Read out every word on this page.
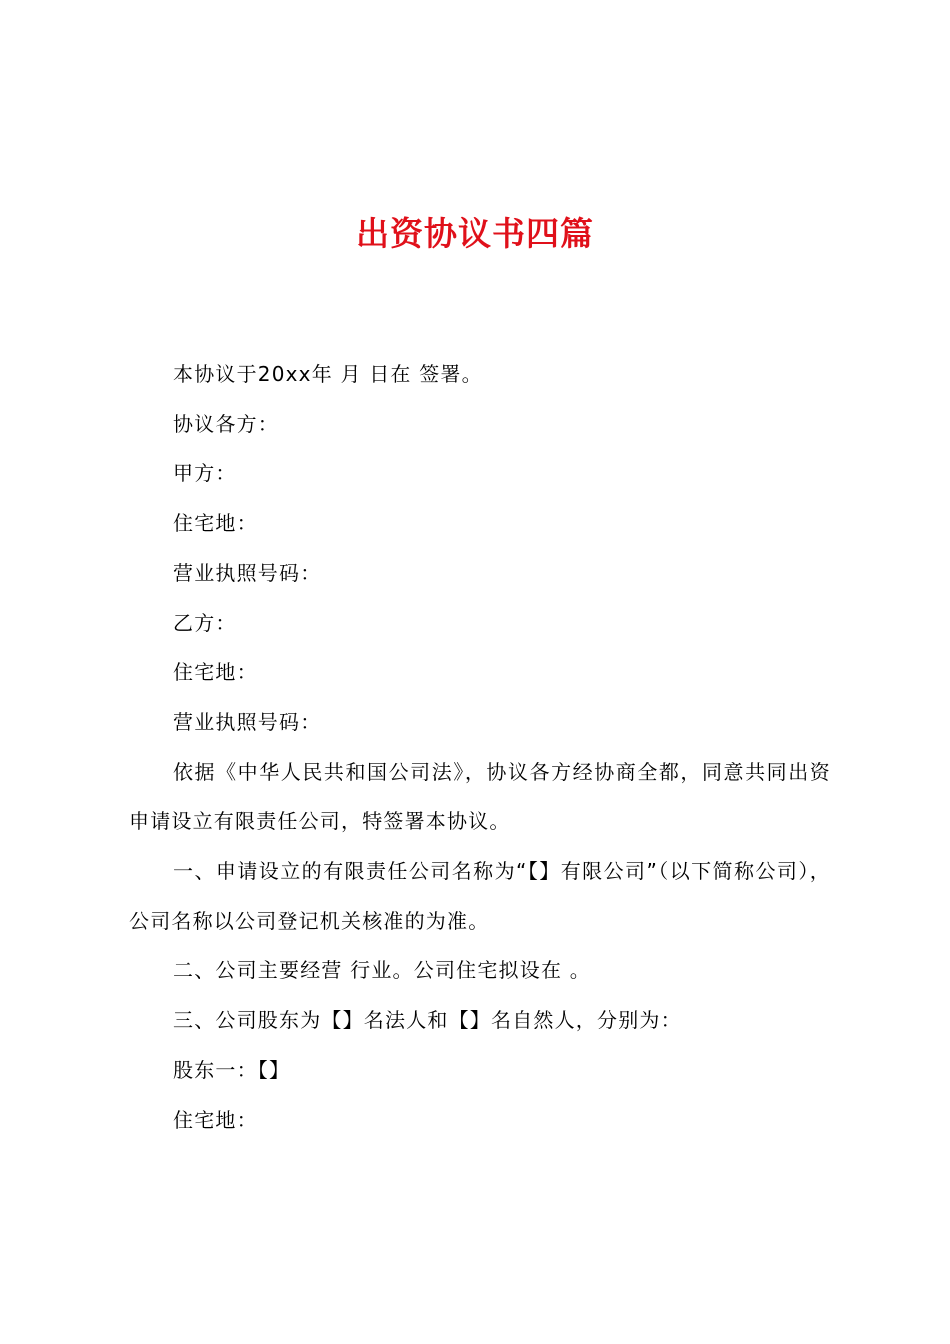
出资协议书四篇

本协议于20xx年 月 日在 签署。

协议各方：

甲方：

住宅地：

营业执照号码：

乙方：

住宅地：

营业执照号码：

依据《中华人民共和国公司法》，协议各方经协商全都，同意共同出资申请设立有限责任公司，特签署本协议。

一、申请设立的有限责任公司名称为“【】有限公司”（以下简称公司），公司名称以公司登记机关核准的为准。

二、公司主要经营 行业。公司住宅拟设在 。

三、公司股东为【】名法人和【】名自然人，分别为：

股东一：【】

住宅地：
